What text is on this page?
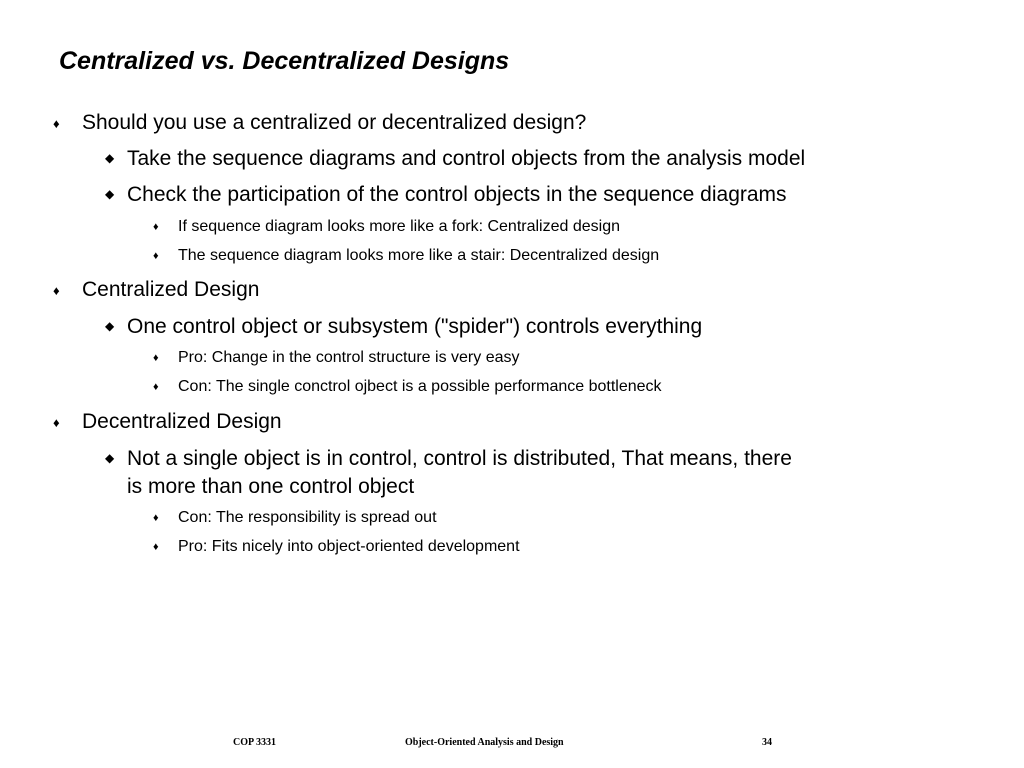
Centralized vs. Decentralized Designs
♦ Should you use a centralized or decentralized design?
◆ Take the sequence diagrams and control objects from the analysis model
◆ Check the participation of the control objects in the sequence diagrams
♦ If sequence diagram looks more like a fork: Centralized design
♦ The sequence diagram looks more like a stair: Decentralized design
♦ Centralized Design
◆ One control object or subsystem ("spider") controls everything
♦ Pro: Change in the control structure is very easy
♦ Con: The single conctrol ojbect is a possible performance bottleneck
♦ Decentralized Design
◆ Not a single object is in control, control is distributed, That means, there
is more than one control object
♦ Con: The responsibility is spread out
♦ Pro: Fits nicely into object-oriented development
COP 3331	Object-Oriented Analysis and Design	34
